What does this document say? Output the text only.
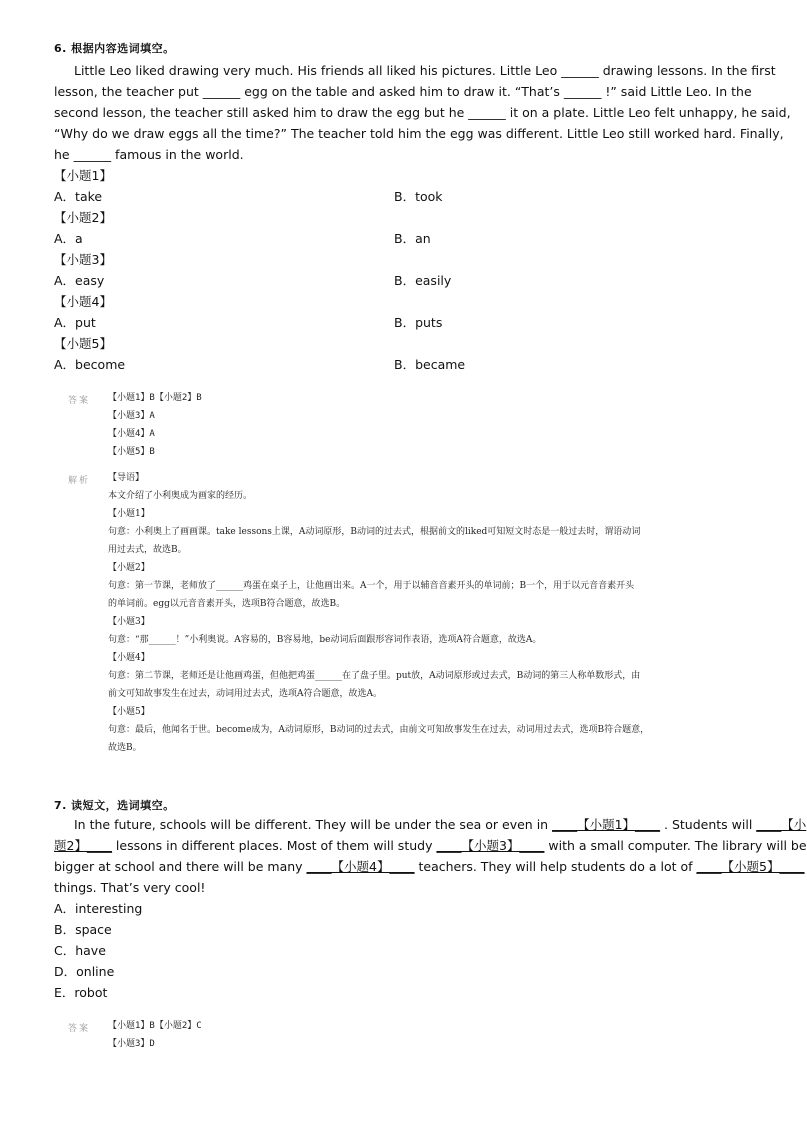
6. 根据内容选词填空。
Little Leo liked drawing very much. His friends all liked his pictures. Little Leo ______ drawing lessons. In the first
lesson, the teacher put ______ egg on the table and asked him to draw it. “That’s ______ !” said Little Leo. In the
second lesson, the teacher still asked him to draw the egg but he ______ it on a plate. Little Leo felt unhappy, he said,
“Why do we draw eggs all the time?” The teacher told him the egg was different. Little Leo still worked hard. Finally,
he ______ famous in the world.
【小题1】
A．take	B．took
【小题2】
A．a	B．an
【小题3】
A．easy	B．easily
【小题4】
A．put	B．puts
【小题5】
A．become	B．became
答案 【小题1】B【小题2】B
【小题3】A
【小题4】A
【小题5】B
解析 【导语】
本文介绍了小利奥成为画家的经历。
【小题1】
句意：小利奥上了画画课。take lessons上课，A动词原形，B动词的过去式，根据前文的liked可知短文时态是一般过去时，谓语动词
用过去式，故选B。
【小题2】
句意：第一节课，老师放了______鸡蛋在桌子上，让他画出来。A一个，用于以辅音音素开头的单词前；B一个，用于以元音音素开头
的单词前。egg以元音音素开头，选项B符合题意，故选B。
【小题3】
句意：“那______！”小利奥说。A容易的，B容易地，be动词后面跟形容词作表语，选项A符合题意，故选A。
【小题4】
句意：第二节课，老师还是让他画鸡蛋，但他把鸡蛋______在了盘子里。put放，A动词原形或过去式，B动词的第三人称单数形式，由
前文可知故事发生在过去，动词用过去式，选项A符合题意，故选A。
【小题5】
句意：最后，他闻名于世。become成为，A动词原形，B动词的过去式，由前文可知故事发生在过去，动词用过去式，选项B符合题意，
故选B。
7. 读短文，选词填空。
In the future, schools will be different. They will be under the sea or even in ____【小题1】____ . Students will ____【小
题2】____ lessons in different places. Most of them will study ____【小题3】____ with a small computer. The library will be
bigger at school and there will be many ____【小题4】____ teachers. They will help students do a lot of ____【小题5】____
things. That’s very cool!
A．interesting
B．space
C．have
D．online
E．robot
答案 【小题1】B【小题2】C
【小题3】D
